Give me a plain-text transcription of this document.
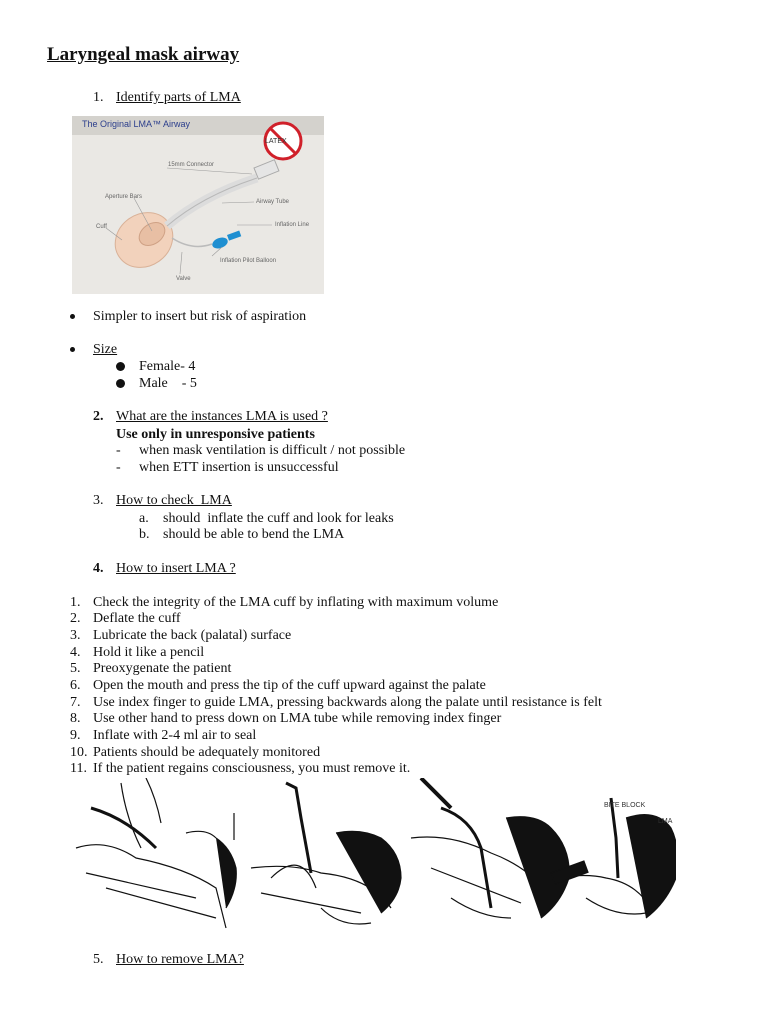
Laryngeal mask airway
1. Identify parts of LMA
The Original LMA™ Airway
LATEX
15mm Connector
Aperture Bars
Airway Tube
Cuff	Inflation Line
Inflation Pilot Balloon
Valve
Simpler to insert but risk of aspiration
Size
Female- 4
Male    - 5
2. What are the instances LMA is used ?
Use only in unresponsive patients
- when mask ventilation is difficult / not possible
- when ETT insertion is unsuccessful
3. How to check  LMA
a. should  inflate the cuff and look for leaks
b. should be able to bend the LMA
4. How to insert LMA ?
1. Check the integrity of the LMA cuff by inflating with maximum volume
2. Deflate the cuff
3. Lubricate the back (palatal) surface
4. Hold it like a pencil
5. Preoxygenate the patient
6. Open the mouth and press the tip of the cuff upward against the palate
7. Use index finger to guide LMA, pressing backwards along the palate until resistance is felt
8. Use other hand to press down on LMA tube while removing index finger
9. Inflate with 2-4 ml air to seal
10. Patients should be adequately monitored
11. If the patient regains consciousness, you must remove it.
BITE BLOCK
LMA
5. How to remove LMA?
